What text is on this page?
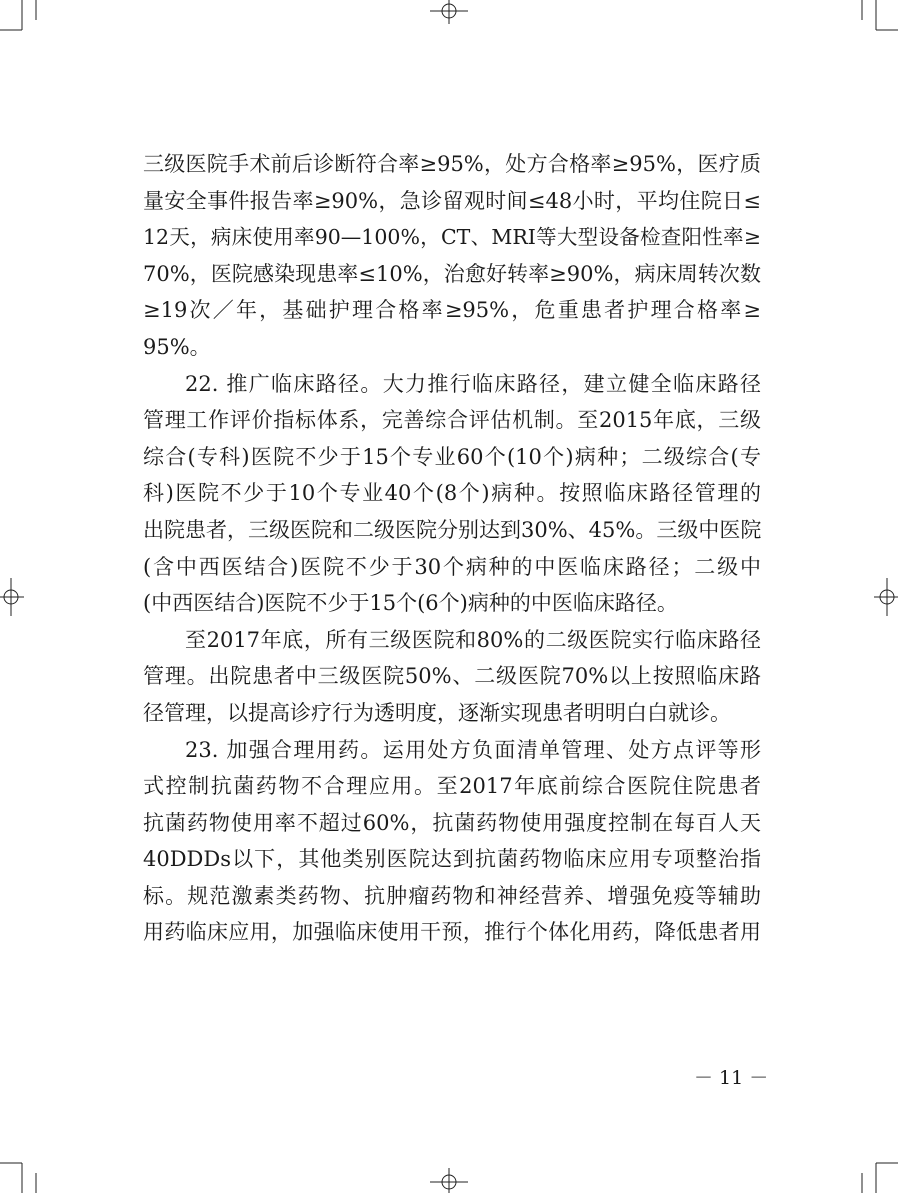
三级医院手术前后诊断符合率≥95%，处方合格率≥95%，医疗质
量安全事件报告率≥90%，急诊留观时间≤48小时，平均住院日≤
12天，病床使用率90—100%，CT、MRI等大型设备检查阳性率≥
70%，医院感染现患率≤10%，治愈好转率≥90%，病床周转次数
≥19次／年，基础护理合格率≥95%，危重患者护理合格率≥
95%。
22. 推广临床路径。大力推行临床路径，建立健全临床路径
管理工作评价指标体系，完善综合评估机制。至2015年底，三级
综合(专科)医院不少于15个专业60个(10个)病种；二级综合(专
科)医院不少于10个专业40个(8个)病种。按照临床路径管理的
出院患者，三级医院和二级医院分别达到30%、45%。三级中医院
(含中西医结合)医院不少于30个病种的中医临床路径；二级中
(中西医结合)医院不少于15个(6个)病种的中医临床路径。
至2017年底，所有三级医院和80%的二级医院实行临床路径
管理。出院患者中三级医院50%、二级医院70%以上按照临床路
径管理，以提高诊疗行为透明度，逐渐实现患者明明白白就诊。
23. 加强合理用药。运用处方负面清单管理、处方点评等形
式控制抗菌药物不合理应用。至2017年底前综合医院住院患者
抗菌药物使用率不超过60%，抗菌药物使用强度控制在每百人天
40DDDs以下，其他类别医院达到抗菌药物临床应用专项整治指
标。规范激素类药物、抗肿瘤药物和神经营养、增强免疫等辅助
用药临床应用，加强临床使用干预，推行个体化用药，降低患者用
－ 11 －
